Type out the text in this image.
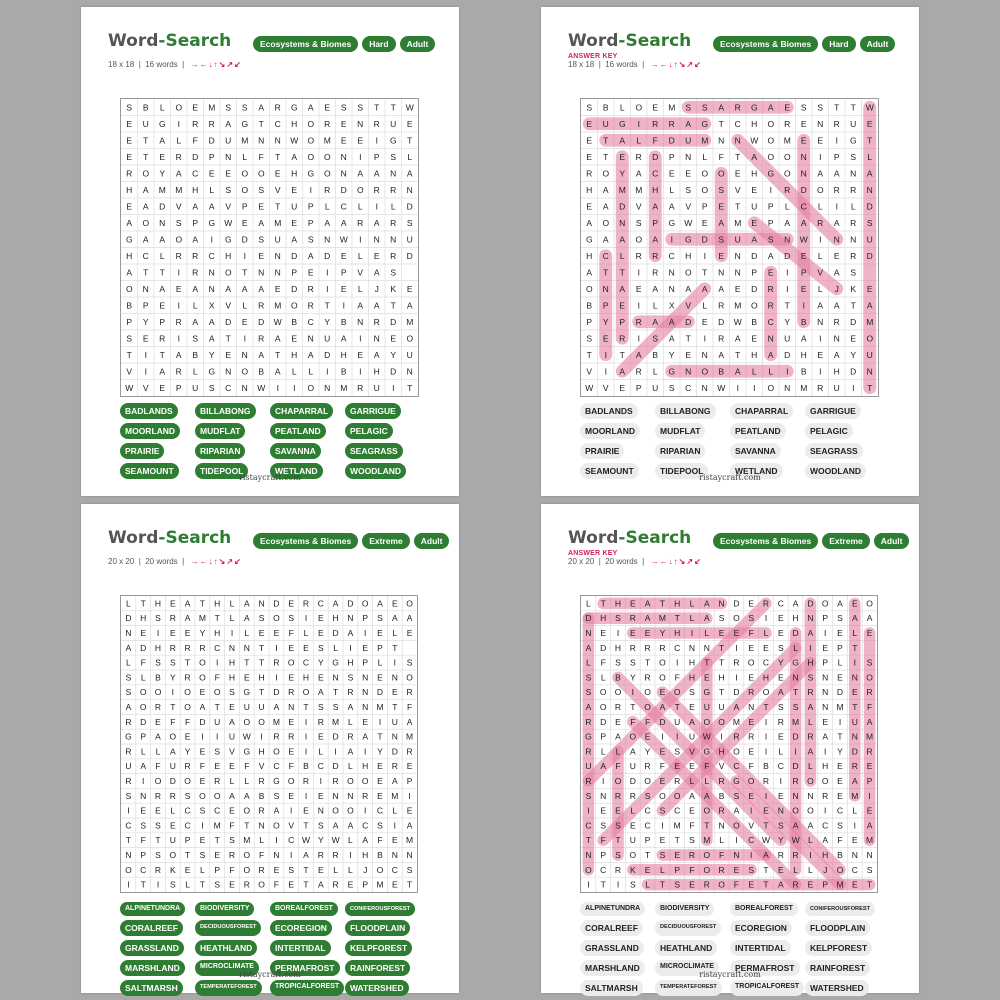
Word-Search	Ecosystems & Biomes	Hard	Adult
18 x 18  |  16 words  |  →←↓↑↘↗↙
S B L O E M S S A R G A E S S T T W
E U G I R R A G T C H O R E N R U E
E T A L F D U M N N W O M E E I G T
E T E R D P N L F T A O O N I P S L
R O Y A C E E O O E H G O N A A N A
H A M M H L S O S V E I R D O R R N
E A D V A A V P E T U P L C L I L D
A O N S P G W E A M E P A A R A R S
G A A O A I G D S U A S N W I N N U
H C L R R C H I E N D A D E L E R D
A T T I R N O T N N P E I P V A S
O N A E A N A A A E D R I E L J K E
B P E I L X V L R M O R T I A A T A
P Y P R A A D E D W B C Y B N R D M
S E R I S A T I R A E N U A I N E O
T I T A B Y E N A T H A D H E A Y U
V I A R L G N O B A L L I B I H D N
W V E P U S C N W I I O N M R U I T
BADLANDS	BILLABONG	CHAPARRAL	GARRIGUE
MOORLAND	MUDFLAT	PEATLAND	PELAGIC
PRAIRIE	RIPARIAN	SAVANNA	SEAGRASS
SEAMOUNT	TIDEPOOL	WETLAND	WOODLAND
ristaycraft.com
Word-Search	Ecosystems & Biomes	Hard	Adult
ANSWER KEY
18 x 18  |  16 words  |  →←↓↑↘↗↙
S B L O E M S S A R G A E S S T T W
E U G I R R A G T C H O R E N R U E
E T A L F D U M N N W O M E E I G T
E T E R D P N L F T A O O N I P S L
R O Y A C E E O O E H G O N A A N A
H A M M H L S O S V E I R D O R R N
E A D V A A V P E T U P L C L I L D
A O N S P G W E A M E P A A R A R S
G A A O A I G D S U A S N W I N N U
H C L R R C H I E N D A D E L E R D
A T T I R N O T N N P E I P V A S
O N A E A N A A A E D R I E L J K E
B P E I L X V L R M O R T I A A T A
P Y P R A A D E D W B C Y B N R D M
S E R I S A T I R A E N U A I N E O
T I T A B Y E N A T H A D H E A Y U
V I A R L G N O B A L L I B I H D N
W V E P U S C N W I I O N M R U I T
BADLANDS	BILLABONG	CHAPARRAL	GARRIGUE
MOORLAND	MUDFLAT	PEATLAND	PELAGIC
PRAIRIE	RIPARIAN	SAVANNA	SEAGRASS
SEAMOUNT	TIDEPOOL	WETLAND	WOODLAND
ristaycraft.com
Word-Search	Ecosystems & Biomes	Extreme	Adult
20 x 20  |  20 words  |  →←↓↑↘↗↙
L T H E A T H L A N D E R C A D O A E O
D H S R A M T L A S O S I E H N P S A A
N E I E E Y H I L E E F L E D A I E L E
A D H R R R C N N T I E E S L I E P T
L F S S T O I H T T R O C Y G H P L I S
S L B Y R O F H E H I E H E N S N E N O
S O O I O E O S G T D R O A T R N D E R
A O R T O A T E U U A N T S S A N M T F
R D E F F D U A O O M E I R M L E I U A
G P A O E I I U W I R R I E D R A T N M
R L L A Y E S V G H O E I L I A I Y D R
U A F U R F E E F V C F B C D L H E R E
R I O D O E R L L R G O R I R O O E A P
S N R R S O O A A B S E I E N N R E M I
I E E L C S C E O R A I E N O O I C L E
C S S E C I M F T N O V T S A A C S I A
T F T U P E T S M L I C W Y W L A F E M
N P S O T S E R O F N I A R R I H B N N
O C R K E L P F O R E S T E L L J O C S
I T I S L T S E R O F E T A R E P M E T
ALPINETUNDRA	BIODIVERSITY	BOREALFOREST	CONIFEROUSFOREST
CORALREEF	DECIDUOUSFOREST	ECOREGION	FLOODPLAIN
GRASSLAND	HEATHLAND	INTERTIDAL	KELPFOREST
MARSHLAND	MICROCLIMATE	PERMAFROST	RAINFOREST
SALTMARSH	TEMPERATEFOREST	TROPICALFOREST	WATERSHED
ristaycraft.com
Word-Search	Ecosystems & Biomes	Extreme	Adult
ANSWER KEY
20 x 20  |  20 words  |  →←↓↑↘↗↙
L T H E A T H L A N D E R C A D O A E O
D H S R A M T L A S O S I E H N P S A A
N E I E E Y H I L E E F L E D A I E L E
A D H R R R C N N T I E E S L I E P T
L F S S T O I H T T R O C Y G H P L I S
S L B Y R O F H E H I E H E N S N E N O
S O O I O E O S G T D R O A T R N D E R
A O R T O A T E U U A N T S S A N M T F
R D E F F D U A O O M E I R M L E I U A
G P A O E I I U W I R R I E D R A T N M
R L L A Y E S V G H O E I L I A I Y D R
U A F U R F E E F V C F B C D L H E R E
R I O D O E R L L R G O R I R O O E A P
S N R R S O O A A B S E I E N N R E M I
I E E L C S C E O R A I E N O O I C L E
C S S E C I M F T N O V T S A A C S I A
T F T U P E T S M L I C W Y W L A F E M
N P S O T S E R O F N I A R R I H B N N
O C R K E L P F O R E S T E L L J O C S
I T I S L T S E R O F E T A R E P M E T
ALPINETUNDRA	BIODIVERSITY	BOREALFOREST	CONIFEROUSFOREST
CORALREEF	DECIDUOUSFOREST	ECOREGION	FLOODPLAIN
GRASSLAND	HEATHLAND	INTERTIDAL	KELPFOREST
MARSHLAND	MICROCLIMATE	PERMAFROST	RAINFOREST
SALTMARSH	TEMPERATEFOREST	TROPICALFOREST	WATERSHED
ristaycraft.com
